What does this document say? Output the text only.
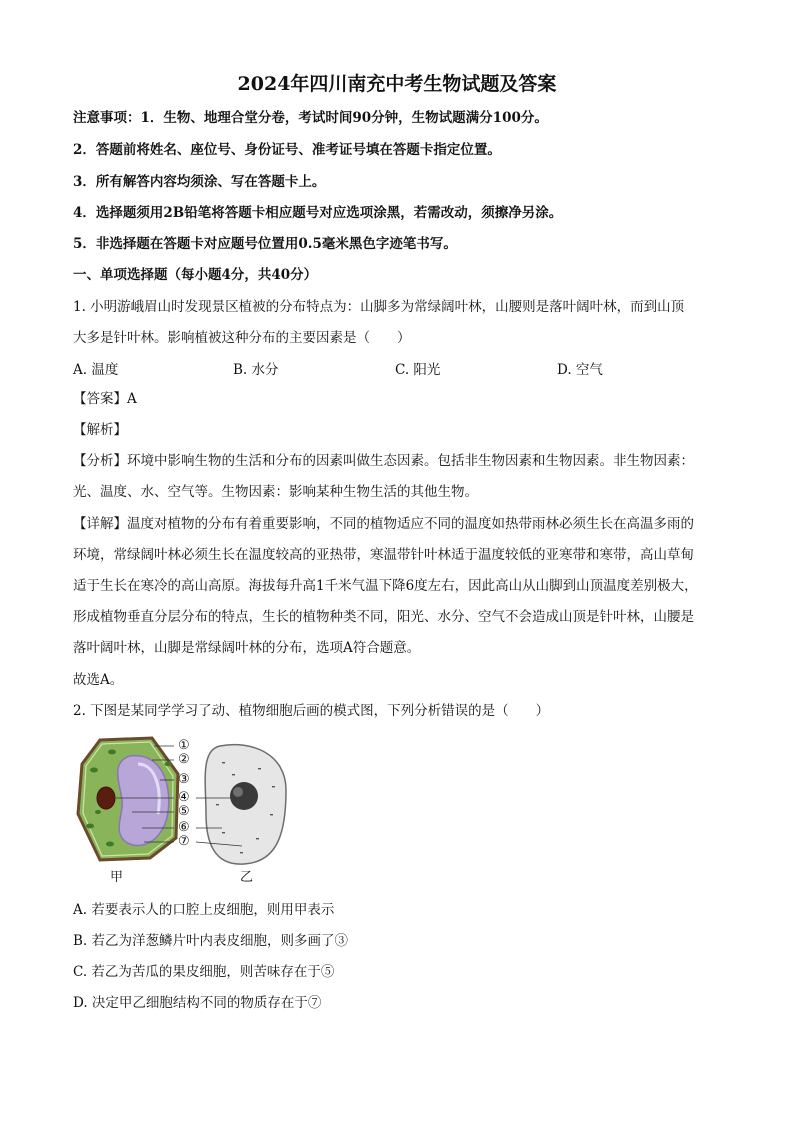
2024年四川南充中考生物试题及答案
注意事项：1．生物、地理合堂分卷，考试时间90分钟，生物试题满分100分。
2．答题前将姓名、座位号、身份证号、准考证号填在答题卡指定位置。
3．所有解答内容均须涂、写在答题卡上。
4．选择题须用2B铅笔将答题卡相应题号对应选项涂黑，若需改动，须擦净另涂。
5．非选择题在答题卡对应题号位置用0.5毫米黑色字迹笔书写。
一、单项选择题（每小题4分，共40分）
1. 小明游峨眉山时发现景区植被的分布特点为：山脚多为常绿阔叶林，山腰则是落叶阔叶林，而到山顶
大多是针叶林。影响植被这种分布的主要因素是（　　）
A. 温度	B. 水分	C. 阳光	D. 空气
【答案】A
【解析】
【分析】环境中影响生物的生活和分布的因素叫做生态因素。包括非生物因素和生物因素。非生物因素：
光、温度、水、空气等。生物因素：影响某种生物生活的其他生物。
【详解】温度对植物的分布有着重要影响，不同的植物适应不同的温度如热带雨林必须生长在高温多雨的
环境，常绿阔叶林必须生长在温度较高的亚热带，寒温带针叶林适于温度较低的亚寒带和寒带，高山草甸
适于生长在寒冷的高山高原。海拔每升高1千米气温下降6度左右，因此高山从山脚到山顶温度差别极大，
形成植物垂直分层分布的特点，生长的植物种类不同，阳光、水分、空气不会造成山顶是针叶林，山腰是
落叶阔叶林，山脚是常绿阔叶林的分布，选项A符合题意。
故选A。
2. 下图是某同学学习了动、植物细胞后画的模式图，下列分析错误的是（　　）
①
②
③
④
⑤
⑥
⑦
甲	乙
A. 若要表示人的口腔上皮细胞，则用甲表示
B. 若乙为洋葱鳞片叶内表皮细胞，则多画了③
C. 若乙为苦瓜的果皮细胞，则苦味存在于⑤
D. 决定甲乙细胞结构不同的物质存在于⑦
